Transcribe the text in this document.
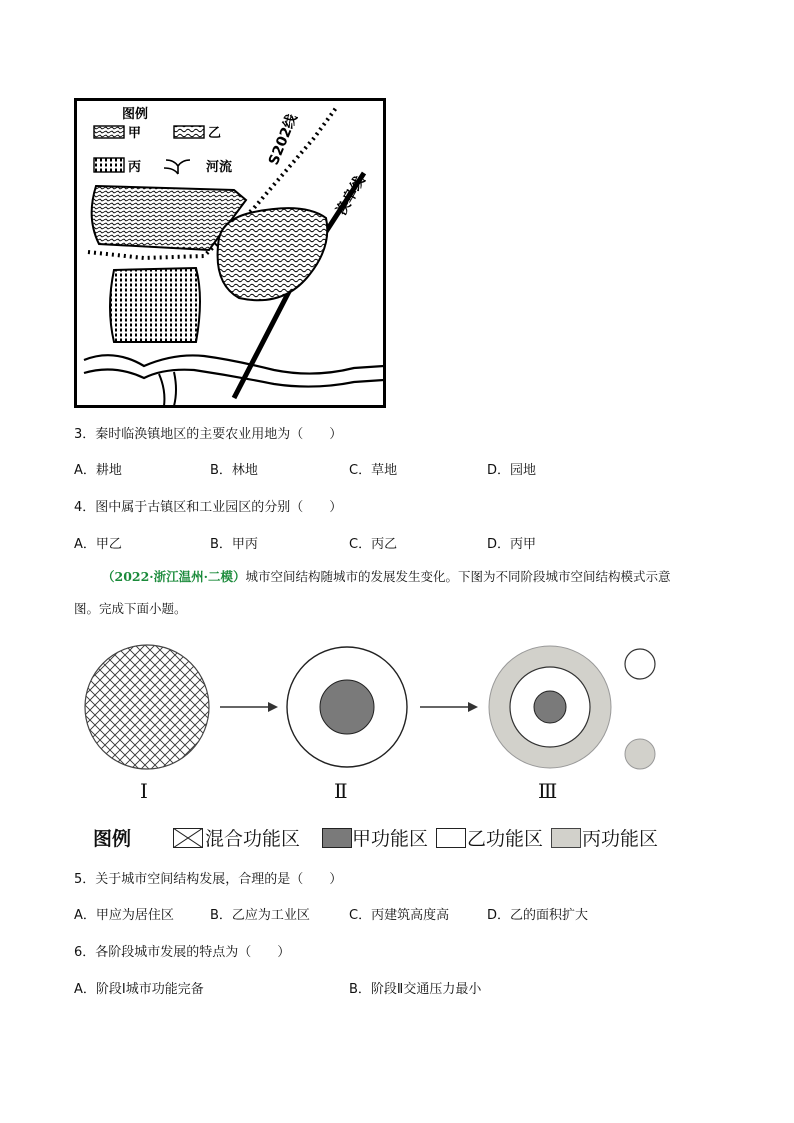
图例
甲	乙
丙	河流
S202线
涣阜线
3．秦时临涣镇地区的主要农业用地为（　　）
A．耕地	B．林地	C．草地	D．园地
4．图中属于古镇区和工业园区的分别（　　）
A．甲乙	B．甲丙	C．丙乙	D．丙甲
（2022·浙江温州·二模）城市空间结构随城市的发展发生变化。下图为不同阶段城市空间结构模式示意
图。完成下面小题。
Ⅰ	Ⅱ	Ⅲ
图例	混合功能区	甲功能区 乙功能区 丙功能区
5．关于城市空间结构发展，合理的是（　　）
A．甲应为居住区	B．乙应为工业区	C．丙建筑高度高	D．乙的面积扩大
6．各阶段城市发展的特点为（　　）
A．阶段Ⅰ城市功能完备	B．阶段Ⅱ交通压力最小
